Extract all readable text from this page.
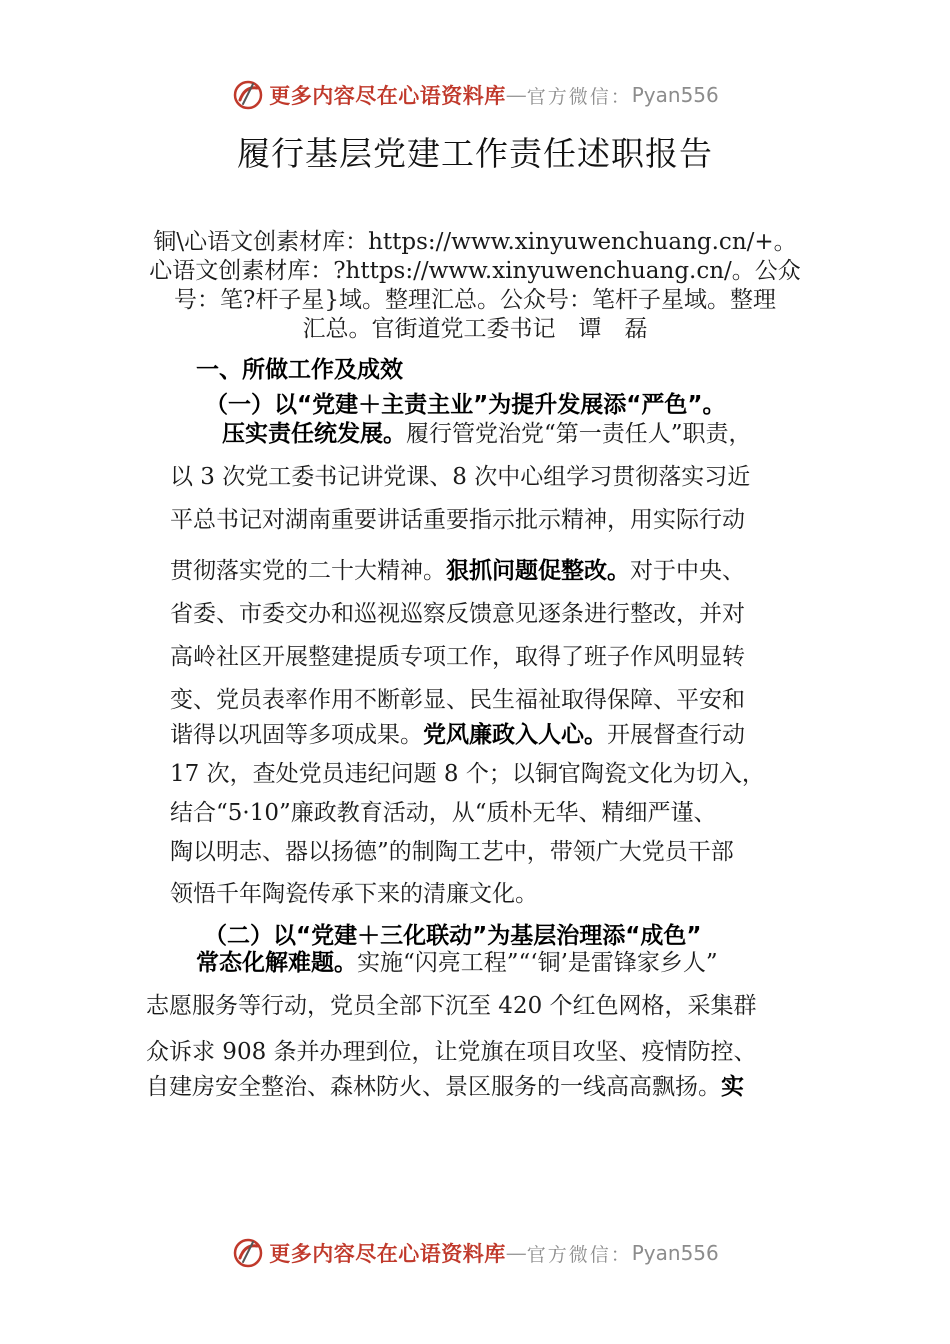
更多内容尽在心语资料库 — 官方微信： Pyan556
履行基层党建工作责任述职报告
铜\心语文创素材库：https://www.xinyuwenchuang.cn/+。
心语文创素材库：?https://www.xinyuwenchuang.cn/。公众
号：笔?杆子星}域。整理汇总。公众号：笔杆子星域。整理
汇总。官街道党工委书记　谭　磊
一、所做工作及成效
（一）以“党建＋主责主业”为提升发展添“严色”。
压实责任统发展。履行管党治党“第一责任人”职责，
以 3 次党工委书记讲党课、8 次中心组学习贯彻落实习近
平总书记对湖南重要讲话重要指示批示精神，用实际行动
贯彻落实党的二十大精神。狠抓问题促整改。对于中央、
省委、市委交办和巡视巡察反馈意见逐条进行整改，并对
高岭社区开展整建提质专项工作，取得了班子作风明显转
变、党员表率作用不断彰显、民生福祉取得保障、平安和
谐得以巩固等多项成果。党风廉政入人心。开展督查行动
17 次，查处党员违纪问题 8 个；以铜官陶瓷文化为切入，
结合“5·10”廉政教育活动，从“质朴无华、精细严谨、
陶以明志、器以扬德”的制陶工艺中，带领广大党员干部
领悟千年陶瓷传承下来的清廉文化。
（二）以“党建＋三化联动”为基层治理添“成色”
常态化解难题。实施“闪亮工程”“‘铜’是雷锋家乡人”
志愿服务等行动，党员全部下沉至 420 个红色网格，采集群
众诉求 908 条并办理到位，让党旗在项目攻坚、疫情防控、
自建房安全整治、森林防火、景区服务的一线高高飘扬。实
更多内容尽在心语资料库 — 官方微信： Pyan556
